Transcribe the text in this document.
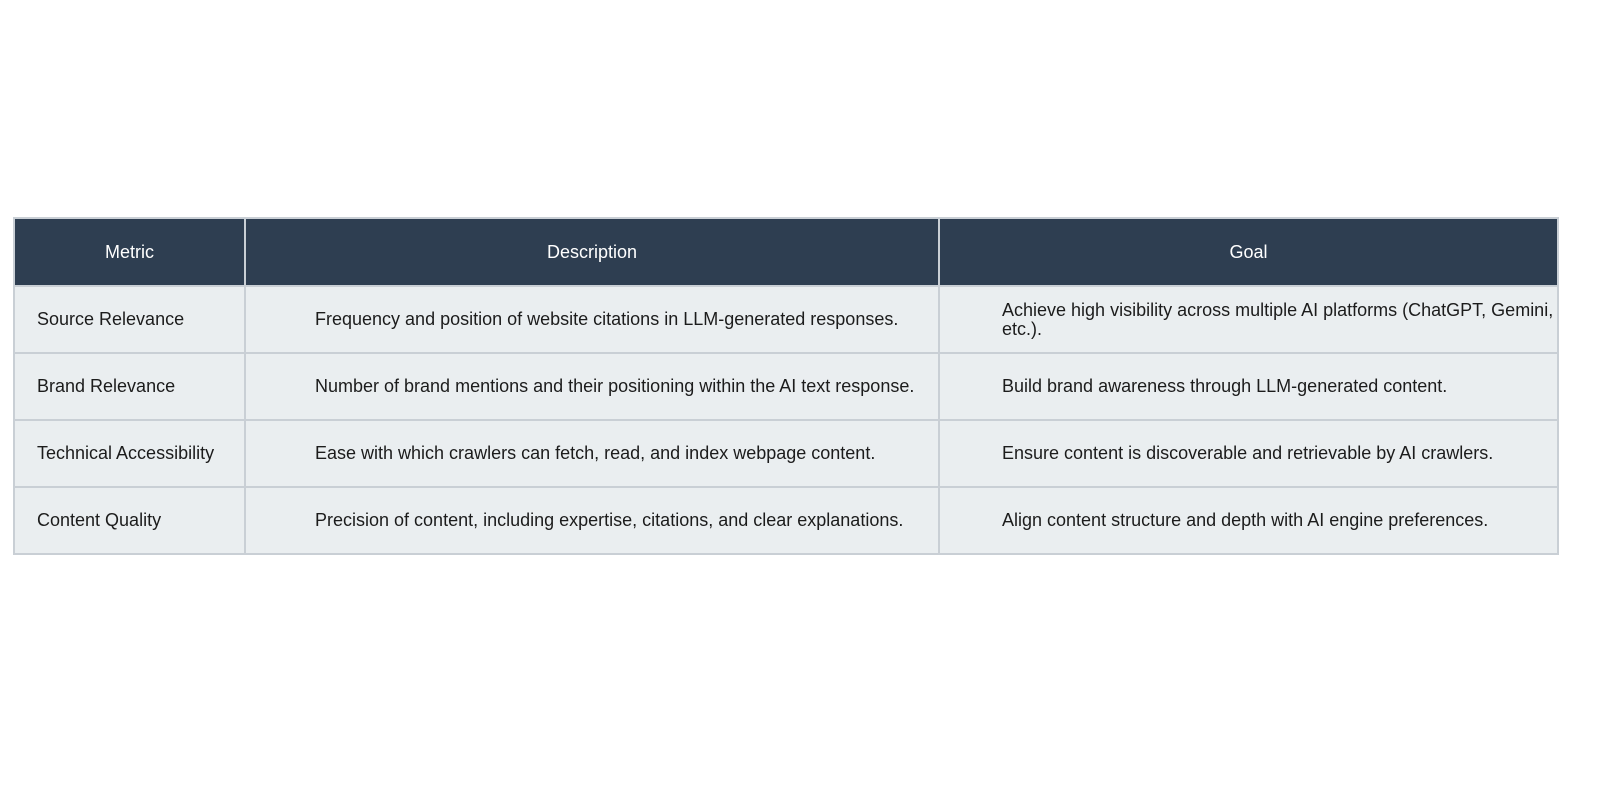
Metric	Description	Goal
Source Relevance	Frequency and position of website citations in LLM-generated responses.	Achieve high visibility across multiple AI platforms (ChatGPT, Gemini, etc.).

Brand Relevance	Number of brand mentions and their positioning within the AI text response.	Build brand awareness through LLM-generated content.

Technical Accessibility	Ease with which crawlers can fetch, read, and index webpage content.	Ensure content is discoverable and retrievable by AI crawlers.

Content Quality	Precision of content, including expertise, citations, and clear explanations.	Align content structure and depth with AI engine preferences.
